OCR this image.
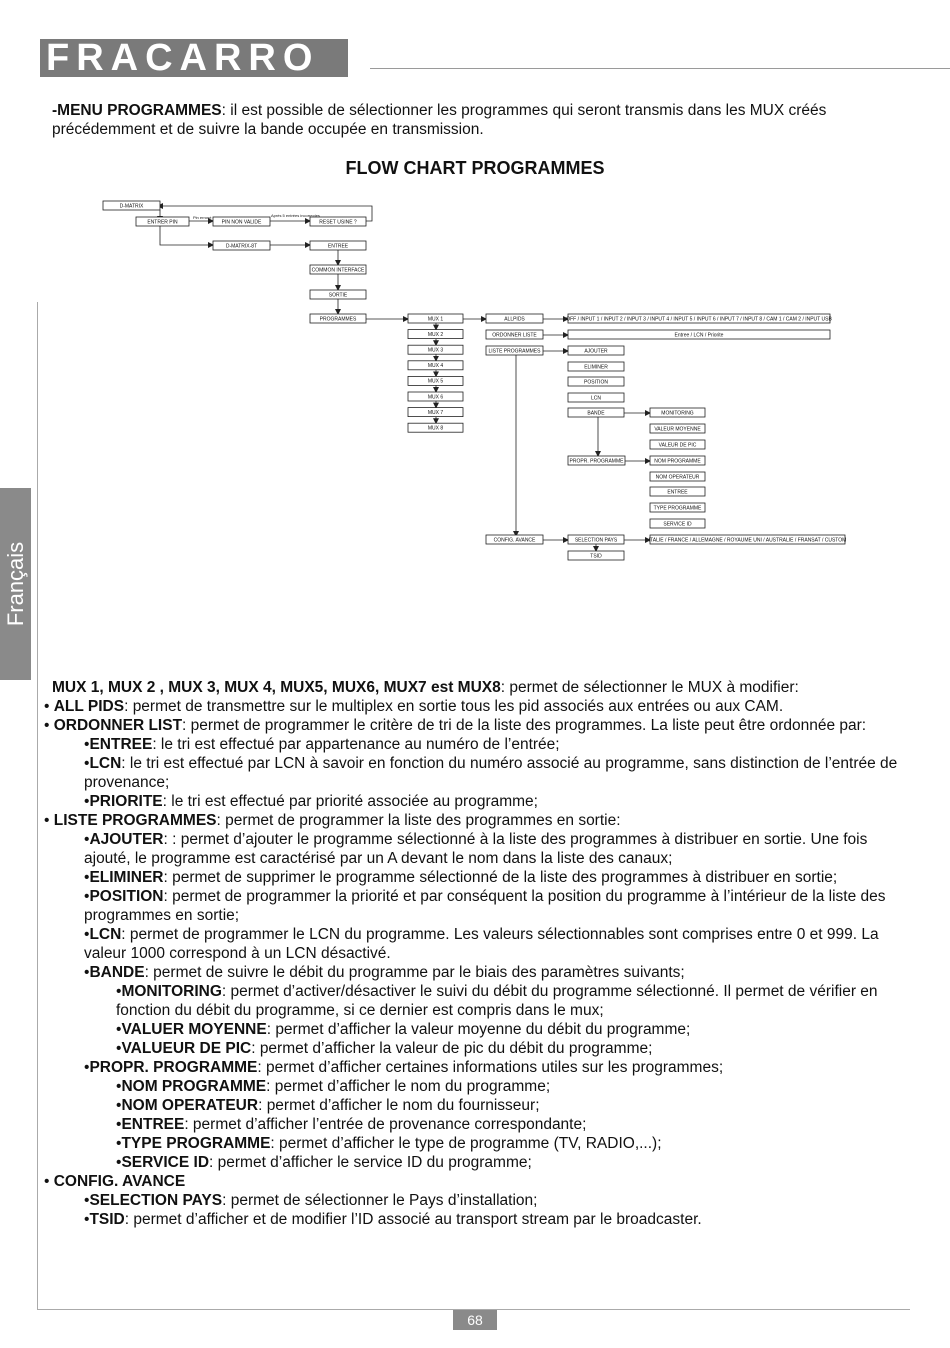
FRACARRO
Français
-MENU PROGRAMMES: il est possible de sélectionner les programmes qui seront transmis dans les MUX créés précédemment et de suivre la bande occupée en transmission.
FLOW CHART PROGRAMMES
D-MATRIX
ENTRER PIN	PIN NON VALIDE	RESET USINE ?
D-MATRIX-8T	ENTREE
COMMON INTERFACE
SORTIE
PROGRAMMES	ALLPIDS
ORDONNER LISTE
LISTE PROGRAMMES
OFF / INPUT 1 / INPUT 2 / INPUT 3 / INPUT 4 / INPUT 5 / INPUT 6 / INPUT 7 / INPUT 8 / CAM 1 / CAM 2 / INPUT USB
Entree / LCN / Priorite
AJOUTER
ELIMINER
POSITION
LCN
BANDE	MONITORING
VALEUR MOYENNE
VALEUR DE PIC
PROPR. PROGRAMME	NOM PROGRAMME
NOM OPERATEUR
ENTREE
TYPE PROGRAMME
SERVICE ID
CONFIG. AVANCE	SELECTION PAYS
TSID
ITALIE / FRANCE / ALLEMAGNE / ROYAUME UNI / AUSTRALIE / FRANSAT / CUSTOM
MUX 1
MUX 2
MUX 3
MUX 4
MUX 5
MUX 6
MUX 7
MUX 8
Pin erroné	Après 5 entrées incorrectes

MUX 1, MUX 2 , MUX 3, MUX 4, MUX5, MUX6, MUX7 est MUX8: permet de sélectionner le MUX à modifier:

• ALL PIDS: permet de transmettre sur le multiplex en sortie tous les pid associés aux entrées ou aux CAM.

• ORDONNER LIST: permet de programmer le critère de tri de la liste des programmes. La liste peut être ordonnée par:

•ENTREE: le tri est effectué par appartenance au numéro de l’entrée;

•LCN: le tri est effectué par LCN à savoir en fonction du numéro associé au programme, sans distinction de l’entrée de provenance;

•PRIORITE: le tri est effectué par priorité associée au programme;

• LISTE PROGRAMMES: permet de programmer la liste des programmes en sortie:

•AJOUTER: : permet d’ajouter le programme sélectionné à la liste des programmes à distribuer en sortie. Une fois ajouté, le programme est caractérisé par un A devant le nom dans la liste des canaux;

•ELIMINER: permet de supprimer le programme sélectionné de la liste des programmes à distribuer en sortie;

•POSITION: permet de programmer la priorité et par conséquent la position du programme à l’intérieur de la liste des programmes en sortie;

•LCN: permet de programmer le LCN du programme. Les valeurs sélectionnables sont comprises entre 0 et 999. La valeur 1000 correspond à un LCN désactivé.

•BANDE: permet de suivre le débit du programme par le biais des paramètres suivants;

•MONITORING: permet d’activer/désactiver le suivi du débit du programme sélectionné. Il permet de vérifier en fonction du débit du programme, si ce dernier est compris dans le mux;

•VALUER MOYENNE: permet d’afficher la valeur moyenne du débit du programme;

•VALUEUR DE PIC: permet d’afficher la valeur de pic du débit du programme;

•PROPR. PROGRAMME: permet d’afficher certaines informations utiles sur les programmes;

•NOM PROGRAMME: permet d’afficher le nom du programme;

•NOM OPERATEUR: permet d’afficher le nom du fournisseur;

•ENTREE: permet d’afficher l’entrée de provenance correspondante;

•TYPE PROGRAMME: permet d’afficher le type de programme (TV, RADIO,...);

•SERVICE ID: permet d’afficher le service ID du programme;

• CONFIG. AVANCE

•SELECTION PAYS: permet de sélectionner le Pays d’installation;

•TSID: permet d’afficher et de modifier l’ID associé au transport stream par le broadcaster.

68
